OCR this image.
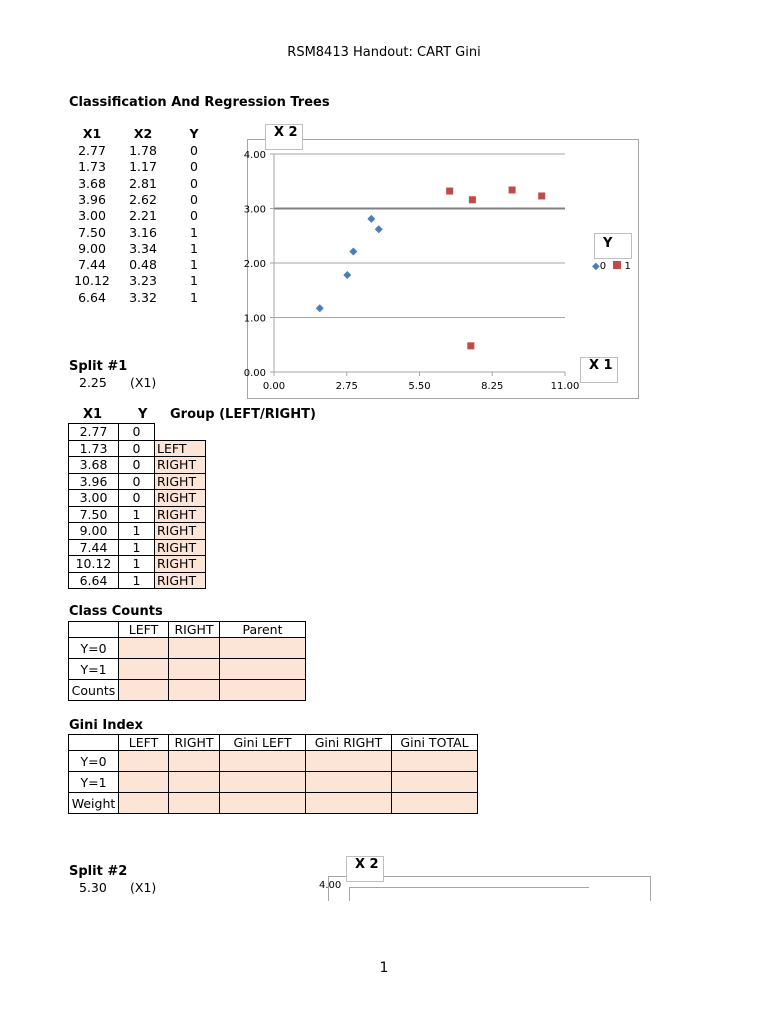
RSM8413 Handout: CART Gini
Classification And Regression Trees
X1	X2	Y
2.77	1.78	0
1.73	1.17	0
3.68	2.81	0
3.96	2.62	0
3.00	2.21	0
7.50	3.16	1
9.00	3.34	1
7.44	0.48	1
10.12	3.23	1
6.64	3.32	1
0.00
1.00
2.00
3.00
4.00
0.00	2.75	5.50	8.25	11.00
X 2
X 1
Y
◆0 1
Split #1
2.25 (X1)
X1	Y Group (LEFT/RIGHT)
2.77	0	
1.73	0	LEFT
3.68	0	RIGHT
3.96	0	RIGHT
3.00	0	RIGHT
7.50	1	RIGHT
9.00	1	RIGHT
7.44	1	RIGHT
10.12	1	RIGHT
6.64	1	RIGHT
Class Counts
	LEFT	RIGHT	Parent
Y=0			
Y=1			
Counts			
Gini Index
	LEFT	RIGHT	Gini LEFT	Gini RIGHT	Gini TOTAL
Y=0					
Y=1					
Weight					
Split #2
5.30 (X1)	4.00
X 2
1
